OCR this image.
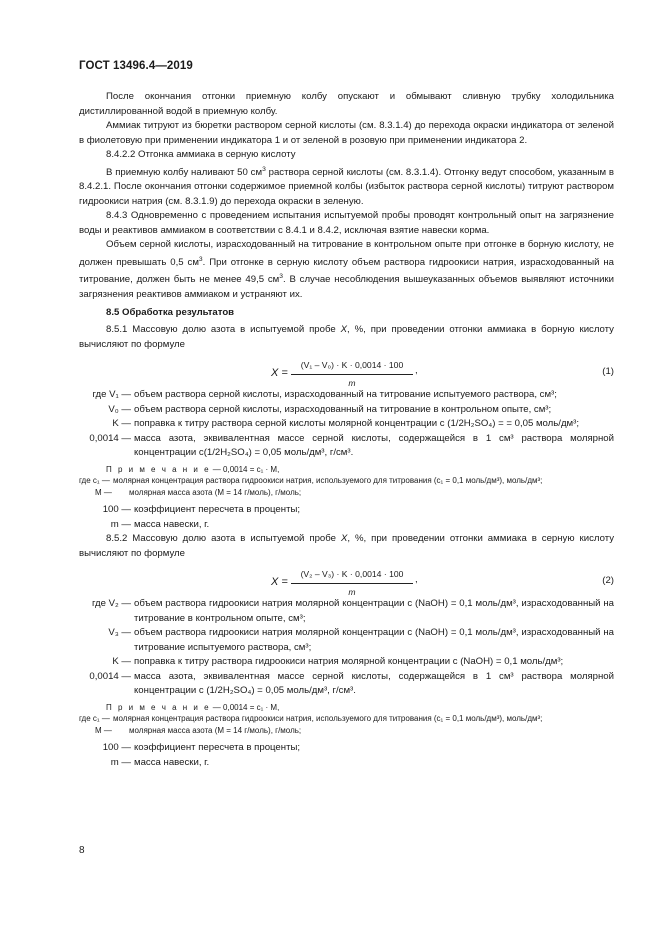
ГОСТ 13496.4—2019

После окончания отгонки приемную колбу опускают и обмывают сливную трубку холодильника дистиллированной водой в приемную колбу.

Аммиак титруют из бюретки раствором серной кислоты (см. 8.3.1.4) до перехода окраски индикатора от зеленой в фиолетовую при применении индикатора 1 и от зеленой в розовую при применении индикатора 2.

8.4.2.2 Отгонка аммиака в серную кислоту

В приемную колбу наливают 50 $см^3$ раствора серной кислоты (см. 8.3.1.4). Отгонку ведут способом, указанным в 8.4.2.1. После окончания отгонки содержимое приемной колбы (избыток раствора серной кислоты) титруют раствором гидроокиси натрия (см. 8.3.1.9) до перехода окраски в зеленую.

8.4.3 Одновременно с проведением испытания испытуемой пробы проводят контрольный опыт на загрязнение воды и реактивов аммиаком в соответствии с 8.4.1 и 8.4.2, исключая взятие навески корма.

Объем серной кислоты, израсходованный на титрование в контрольном опыте при отгонке в борную кислоту, не должен превышать 0,5 $см^3$. При отгонке в серную кислоту объем раствора гидроокиси натрия, израсходованный на титрование, должен быть не менее 49,5 $см^3$. В случае несоблюдения вышеуказанных объемов выявляют источники загрязнения реактивов аммиаком и устраняют их.

8.5 Обработка результатов

8.5.1 Массовую долю азота в испытуемой пробе X, %, при проведении отгонки аммиака в борную кислоту вычисляют по формуле

$X = \frac{\text{(V₁ – V₀) · K · 0,0014 · 100}}{m}$ ,	(1)
где V₁ — объем раствора серной кислоты, израсходованный на титрование испытуемого раствора, см³;
V₀ — объем раствора серной кислоты, израсходованный на титрование в контрольном опыте, см³;
K — поправка к титру раствора серной кислоты молярной концентрации c (1/2H₂SO₄) = = 0,05 моль/дм³;
0,0014 — масса азота, эквивалентная массе серной кислоты, содержащейся в 1 см³ раствора молярной концентрации c(1/2H₂SO₄) = 0,05 моль/дм³, г/см³.
П р и м е ч а н и е — 0,0014 = c₁ · M,
где c₁ — молярная концентрация раствора гидроокиси натрия, используемого для титрования (c₁ = 0,1 моль/дм³), моль/дм³;
M —	молярная масса азота (M = 14 г/моль), г/моль;
100 — коэффициент пересчета в проценты;
m — масса навески, г.

8.5.2 Массовую долю азота в испытуемой пробе X, %, при проведении отгонки аммиака в серную кислоту вычисляют по формуле

$X = \frac{\text{(V₂ – V₃) · K · 0,0014 · 100}}{m}$ ,	(2)
где V₂ — объем раствора гидроокиси натрия молярной концентрации c (NaOH) = 0,1 моль/дм³, израсходованный на титрование в контрольном опыте, см³;
V₃ — объем раствора гидроокиси натрия молярной концентрации c (NaOH) = 0,1 моль/дм³, израсходованный на титрование испытуемого раствора, см³;
K — поправка к титру раствора гидроокиси натрия молярной концентрации c (NaOH) = 0,1 моль/дм³;
0,0014 — масса азота, эквивалентная массе серной кислоты, содержащейся в 1 см³ раствора молярной концентрации c (1/2H₂SO₄) = 0,05 моль/дм³, г/см³.
П р и м е ч а н и е — 0,0014 = c₁ · M,
где c₁ — молярная концентрация раствора гидроокиси натрия, используемого для титрования (c₁ = 0,1 моль/дм³), моль/дм³;
M —	молярная масса азота (M = 14 г/моль), г/моль;
100 — коэффициент пересчета в проценты;
m — масса навески, г.
8
